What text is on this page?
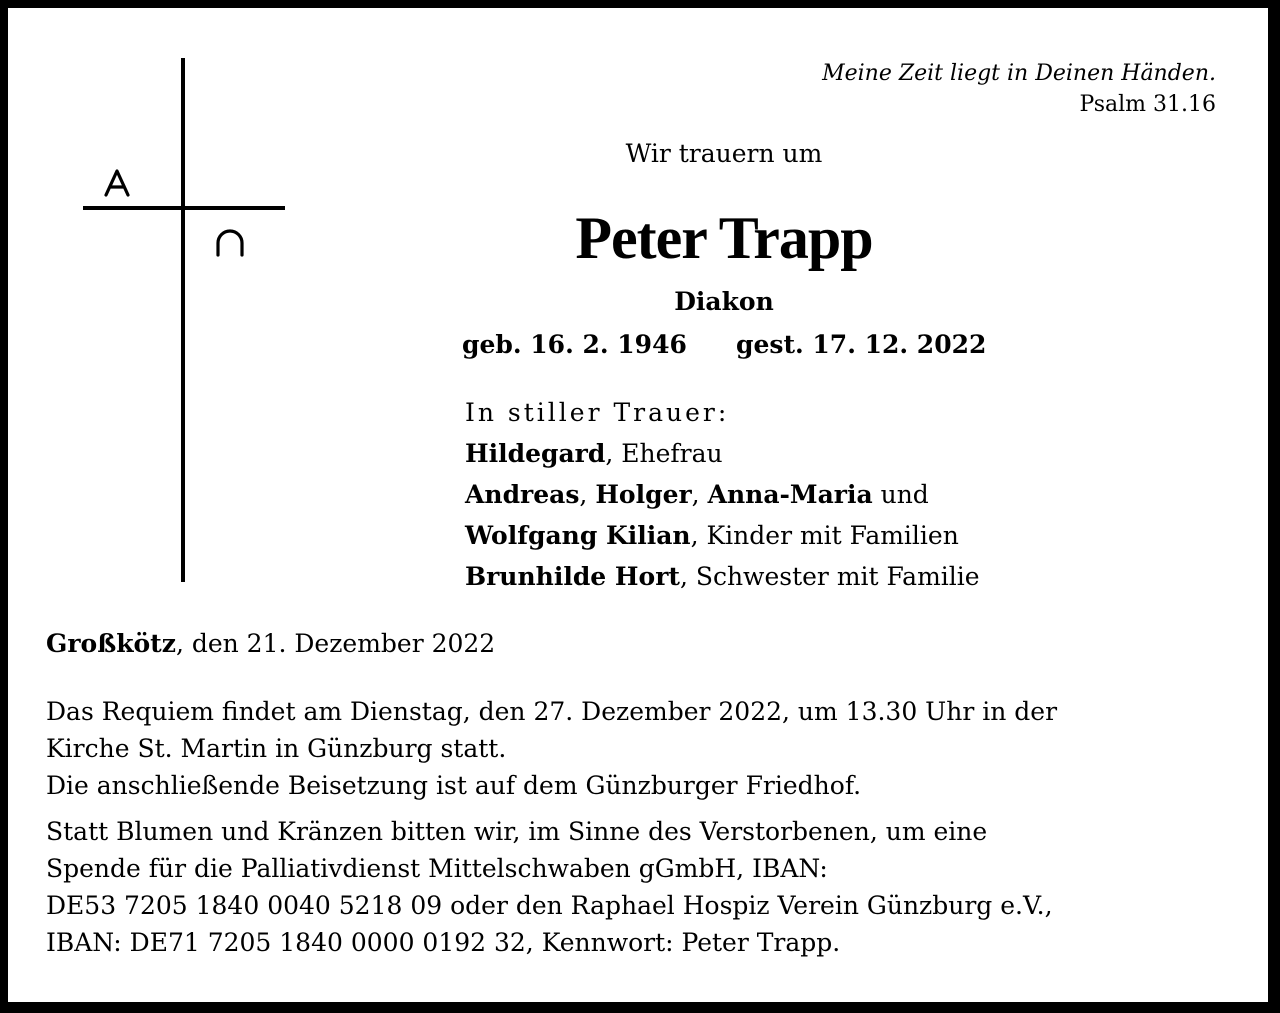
Meine Zeit liegt in Deinen Händen.
Psalm 31.16
Wir trauern um
Peter Trapp
Diakon
geb. 16. 2. 1946 gest. 17. 12. 2022
In stiller Trauer:
Hildegard, Ehefrau
Andreas, Holger, Anna-Maria und
Wolfgang Kilian, Kinder mit Familien
Brunhilde Hort, Schwester mit Familie
Großkötz, den 21. Dezember 2022
Das Requiem findet am Dienstag, den 27. Dezember 2022, um 13.30 Uhr in der
Kirche St. Martin in Günzburg statt.
Die anschließende Beisetzung ist auf dem Günzburger Friedhof.
Statt Blumen und Kränzen bitten wir, im Sinne des Verstorbenen, um eine
Spende für die Palliativdienst Mittelschwaben gGmbH, IBAN:
DE53 7205 1840 0040 5218 09 oder den Raphael Hospiz Verein Günzburg e.V.,
IBAN: DE71 7205 1840 0000 0192 32, Kennwort: Peter Trapp.
